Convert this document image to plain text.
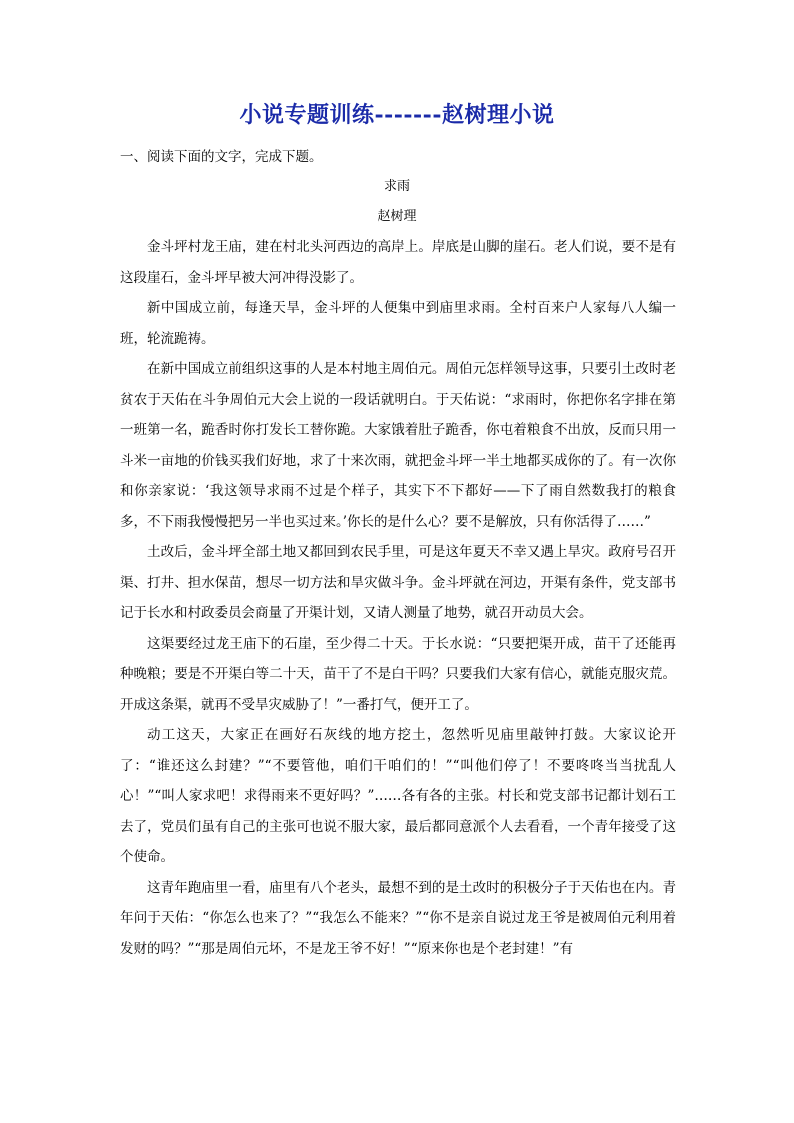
小说专题训练-------赵树理小说
一、阅读下面的文字，完成下题。
求雨
赵树理

金斗坪村龙王庙，建在村北头河西边的高岸上。岸底是山脚的崖石。老人们说，要不是有这段崖石，金斗坪早被大河冲得没影了。

新中国成立前，每逢天旱，金斗坪的人便集中到庙里求雨。全村百来户人家每八人编一班，轮流跪祷。

在新中国成立前组织这事的人是本村地主周伯元。周伯元怎样领导这事，只要引土改时老贫农于天佑在斗争周伯元大会上说的一段话就明白。于天佑说：“求雨时，你把你名字排在第一班第一名，跪香时你打发长工替你跪。大家饿着肚子跪香，你屯着粮食不出放，反而只用一斗米一亩地的价钱买我们好地，求了十来次雨，就把金斗坪一半土地都买成你的了。有一次你和你亲家说：‘我这领导求雨不过是个样子，其实下不下都好——下了雨自然数我打的粮食多，不下雨我慢慢把另一半也买过来。’你长的是什么心？要不是解放，只有你活得了……”

土改后，金斗坪全部土地又都回到农民手里，可是这年夏天不幸又遇上旱灾。政府号召开渠、打井、担水保苗，想尽一切方法和旱灾做斗争。金斗坪就在河边，开渠有条件，党支部书记于长水和村政委员会商量了开渠计划，又请人测量了地势，就召开动员大会。

这渠要经过龙王庙下的石崖，至少得二十天。于长水说：“只要把渠开成，苗干了还能再种晚粮；要是不开渠白等二十天，苗干了不是白干吗？只要我们大家有信心，就能克服灾荒。开成这条渠，就再不受旱灾威胁了！”一番打气，便开工了。

动工这天，大家正在画好石灰线的地方挖土，忽然听见庙里敲钟打鼓。大家议论开了：“谁还这么封建？”“不要管他，咱们干咱们的！”“叫他们停了！不要咚咚当当扰乱人心！”“叫人家求吧！求得雨来不更好吗？”……各有各的主张。村长和党支部书记都计划石工去了，党员们虽有自己的主张可也说不服大家，最后都同意派个人去看看，一个青年接受了这个使命。

这青年跑庙里一看，庙里有八个老头，最想不到的是土改时的积极分子于天佑也在内。青年问于天佑：“你怎么也来了？”“我怎么不能来？”“你不是亲自说过龙王爷是被周伯元利用着发财的吗？”“那是周伯元坏，不是龙王爷不好！”“原来你也是个老封建！”有
